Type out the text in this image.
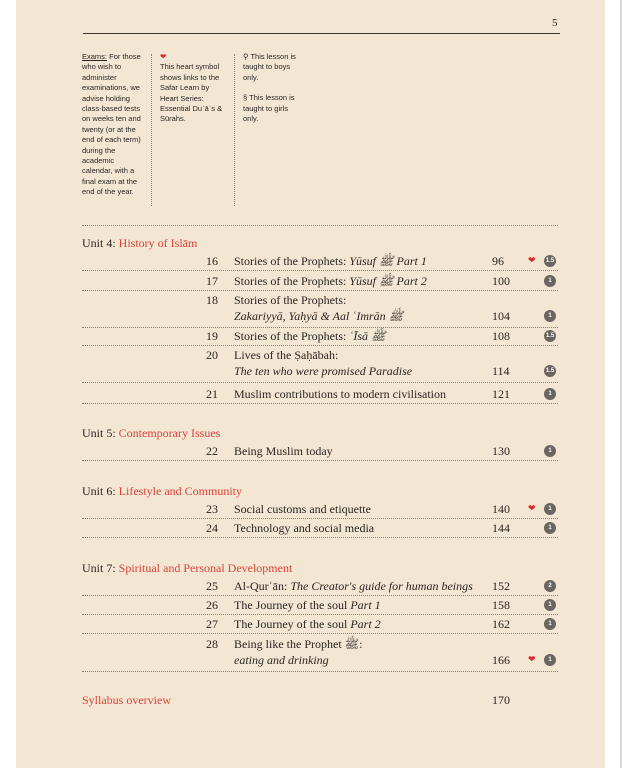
5
Exams: For those who wish to administer examinations, we advise holding class-based tests on weeks ten and twenty (or at the end of each term) during the academic calendar, with a final exam at the end of the year.
❤
This heart symbol shows links to the Safar Learn by Heart Series: Essential Duʿāʾs & Sūrahs.

⚲ This lesson is taught to boys only.

§ This lesson is taught to girls only.

Unit 4: History of Islām
16	Stories of the Prophets: Yūsuf ﷺ Part 1	96	❤	1.5
17	Stories of the Prophets: Yūsuf ﷺ Part 2	100	1
18	Stories of the Prophets:
Zakariyyā, Yaḥyā & Aal ʿImrān ﷺ	104	1
19	Stories of the Prophets: ʿĪsā ﷺ	108	1.5
20	Lives of the Ṣaḥābah:
The ten who were promised Paradise	114	1.5
21	Muslim contributions to modern civilisation	121	1
Unit 5: Contemporary Issues
22	Being Muslim today	130	1
Unit 6: Lifestyle and Community
23	Social customs and etiquette	140 ❤	1
24	Technology and social media	144	1
Unit 7: Spiritual and Personal Development
25	Al-Qurʾān: The Creator's guide for human beings 152	2
26	The Journey of the soul Part 1	158	1
27	The Journey of the soul Part 2	162	1
28	Being like the Prophet ﷺ:
eating and drinking	166 ❤	1
Syllabus overview	170
